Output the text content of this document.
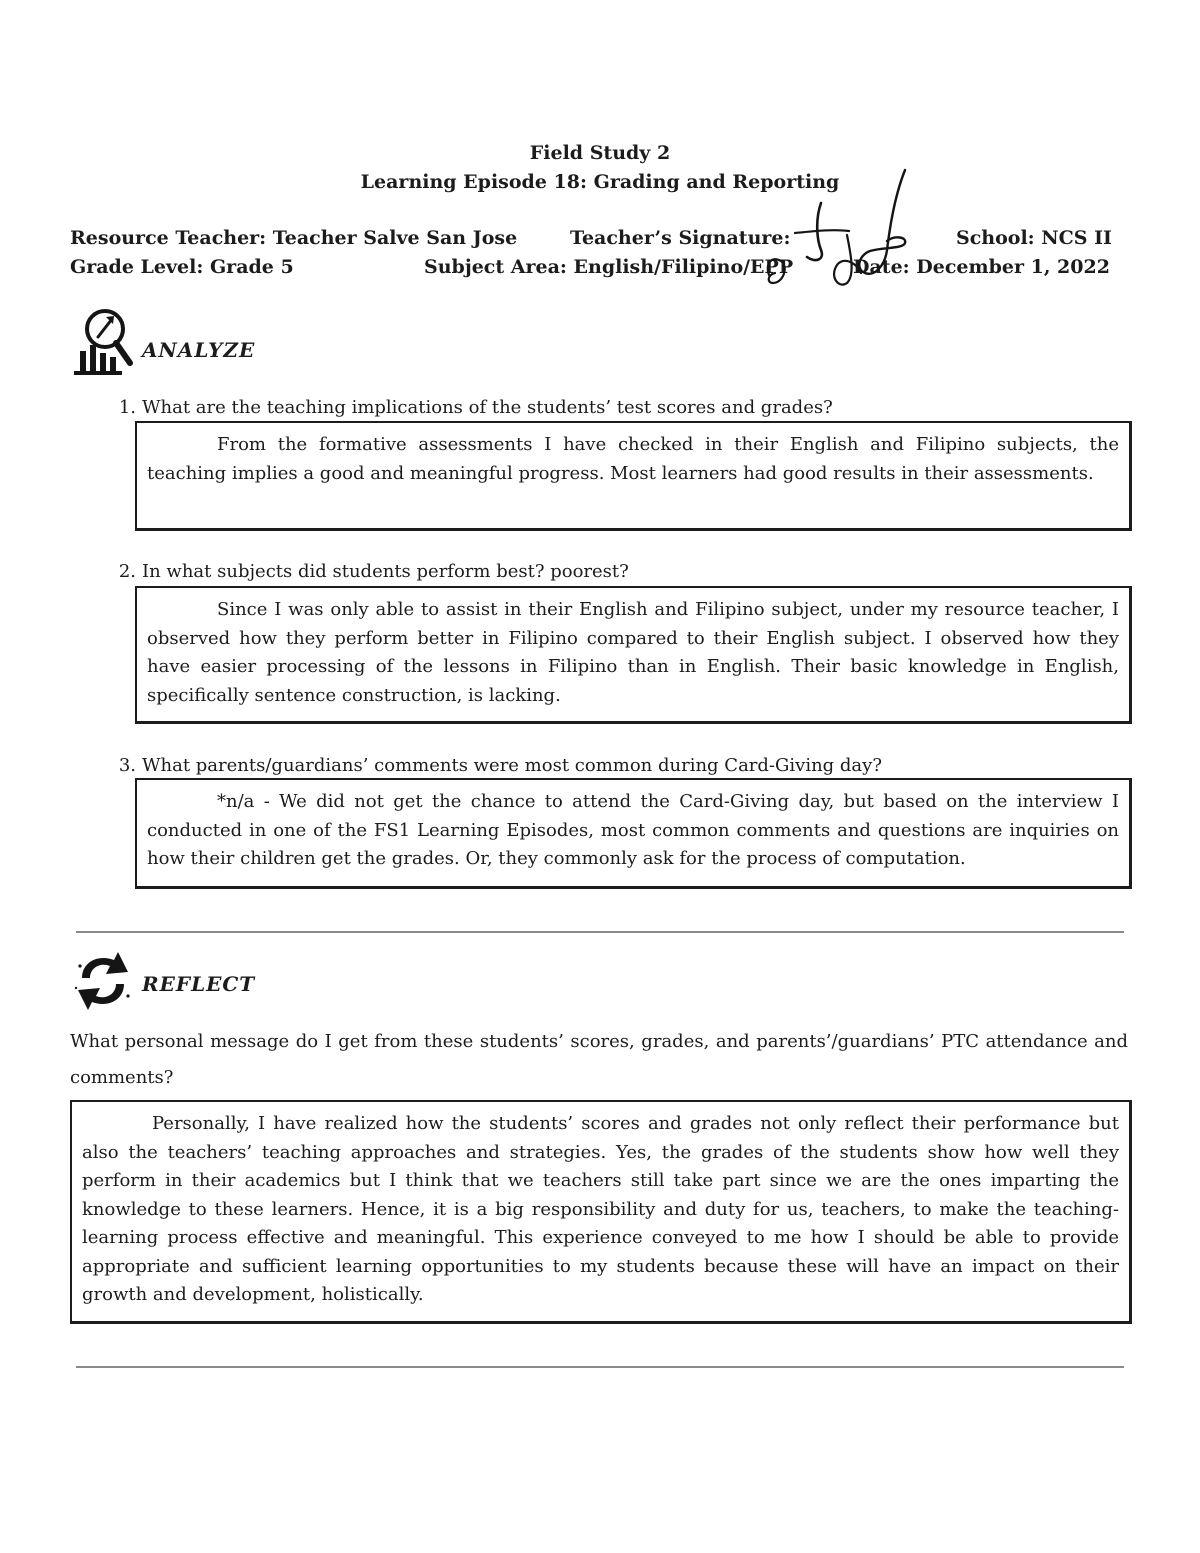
Field Study 2
Learning Episode 18: Grading and Reporting
Resource Teacher: Teacher Salve San Jose	Teacher’s Signature:	School: NCS II
Grade Level: Grade 5	Subject Area: English/Filipino/EPP	Date: December 1, 2022
ANALYZE
1. What are the teaching implications of the students’ test scores and grades?
From the formative assessments I have checked in their English and Filipino subjects, the teaching implies a good and meaningful progress. Most learners had good results in their assessments.
2. In what subjects did students perform best? poorest?
Since I was only able to assist in their English and Filipino subject, under my resource teacher, I observed how they perform better in Filipino compared to their English subject. I observed how they have easier processing of the lessons in Filipino than in English. Their basic knowledge in English, specifically sentence construction, is lacking.
3. What parents/guardians’ comments were most common during Card-Giving day?
*n/a - We did not get the chance to attend the Card-Giving day, but based on the interview I conducted in one of the FS1 Learning Episodes, most common comments and questions are inquiries on how their children get the grades. Or, they commonly ask for the process of computation.
REFLECT
What personal message do I get from these students’ scores, grades, and parents’/guardians’ PTC attendance and comments?
Personally, I have realized how the students’ scores and grades not only reflect their performance but also the teachers’ teaching approaches and strategies. Yes, the grades of the students show how well they perform in their academics but I think that we teachers still take part since we are the ones imparting the knowledge to these learners. Hence, it is a big responsibility and duty for us, teachers, to make the teaching-learning process effective and meaningful. This experience conveyed to me how I should be able to provide appropriate and sufficient learning opportunities to my students because these will have an impact on their growth and development, holistically.
